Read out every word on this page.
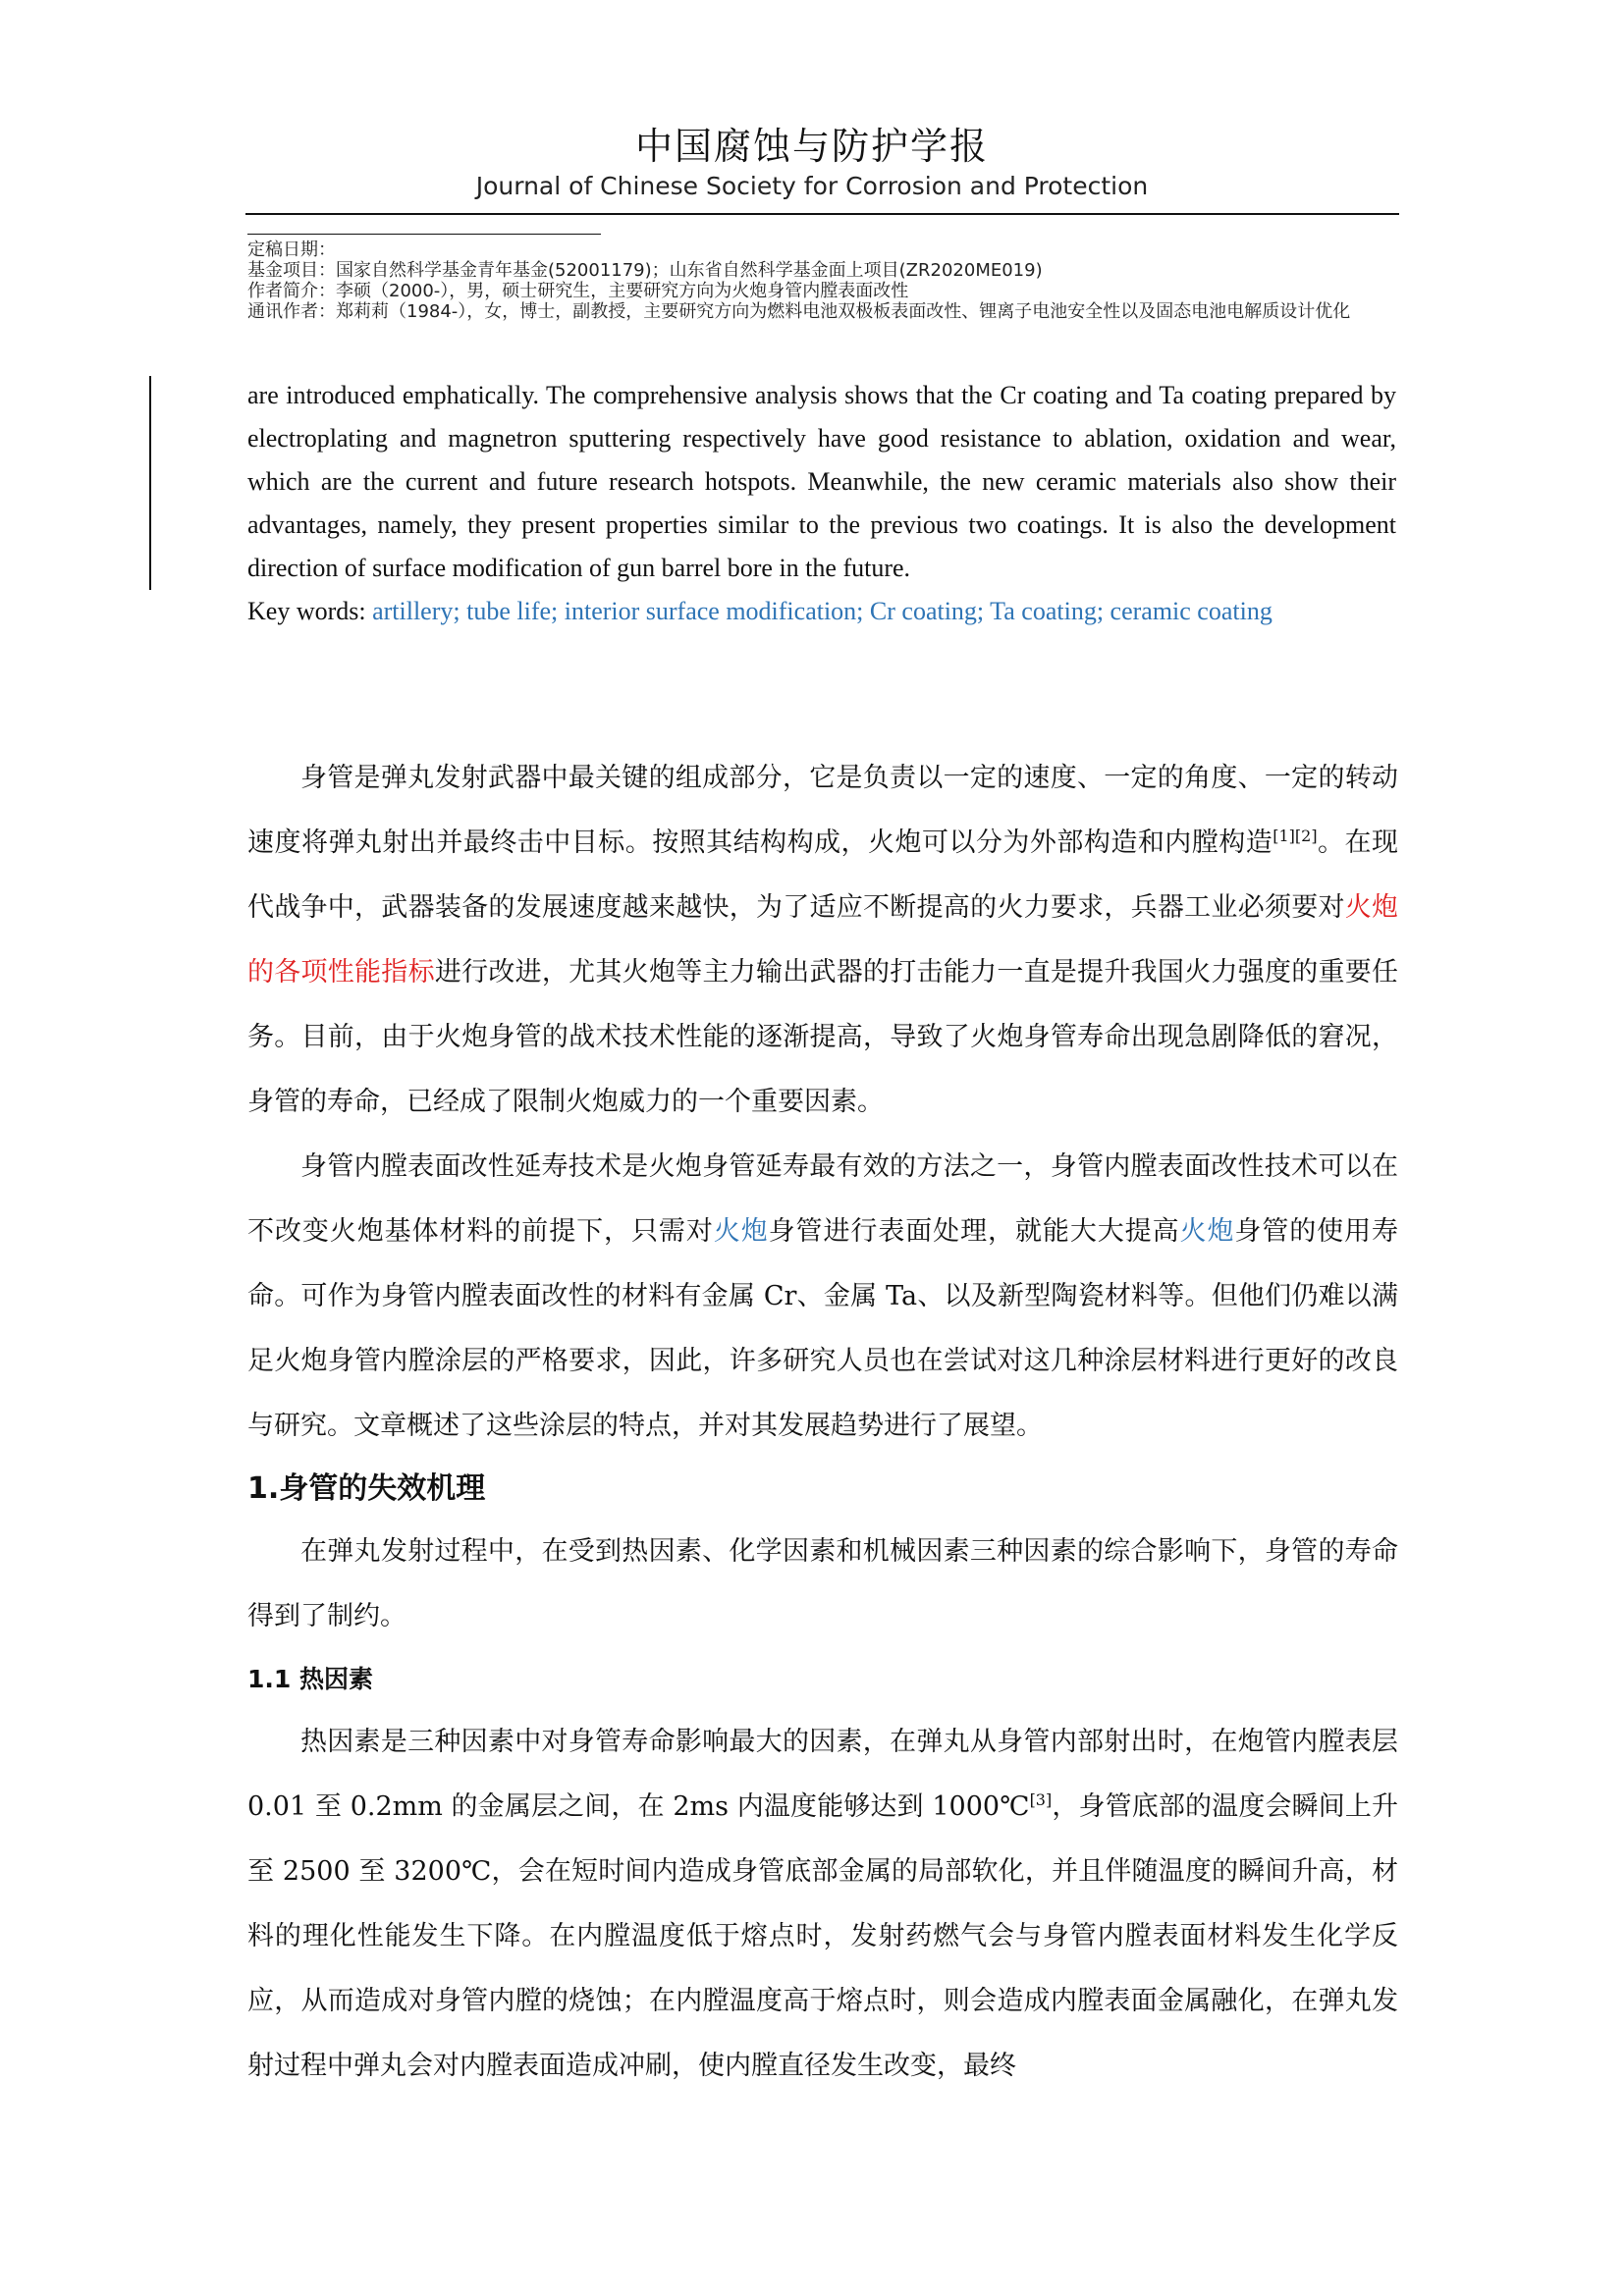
中国腐蚀与防护学报
Journal of Chinese Society for Corrosion and Protection
定稿日期：
基金项目：国家自然科学基金青年基金(52001179)；山东省自然科学基金面上项目(ZR2020ME019)
作者简介：李硕（2000-），男，硕士研究生，主要研究方向为火炮身管内膛表面改性
通讯作者：郑莉莉（1984-），女，博士，副教授，主要研究方向为燃料电池双极板表面改性、锂离子电池安全性以及固态电池电解质设计优化

are introduced emphatically. The comprehensive analysis shows that the Cr coating and Ta coating prepared by electroplating and magnetron sputtering respectively have good resistance to ablation, oxidation and wear, which are the current and future research hotspots. Meanwhile, the new ceramic materials also show their advantages, namely, they present properties similar to the previous two coatings. It is also the development direction of surface modification of gun barrel bore in the future.

Key words: artillery; tube life; interior surface modification; Cr coating; Ta coating; ceramic coating

身管是弹丸发射武器中最关键的组成部分，它是负责以一定的速度、一定的角度、一定的转动速度将弹丸射出并最终击中目标。按照其结构构成，火炮可以分为外部构造和内膛构造[1][2]。在现代战争中，武器装备的发展速度越来越快，为了适应不断提高的火力要求，兵器工业必须要对火炮的各项性能指标进行改进，尤其火炮等主力输出武器的打击能力一直是提升我国火力强度的重要任务。目前，由于火炮身管的战术技术性能的逐渐提高，导致了火炮身管寿命出现急剧降低的窘况，身管的寿命，已经成了限制火炮威力的一个重要因素。

身管内膛表面改性延寿技术是火炮身管延寿最有效的方法之一，身管内膛表面改性技术可以在不改变火炮基体材料的前提下，只需对火炮身管进行表面处理，就能大大提高火炮身管的使用寿命。可作为身管内膛表面改性的材料有金属 Cr、金属 Ta、以及新型陶瓷材料等。但他们仍难以满足火炮身管内膛涂层的严格要求，因此，许多研究人员也在尝试对这几种涂层材料进行更好的改良与研究。文章概述了这些涂层的特点，并对其发展趋势进行了展望。

1.身管的失效机理

在弹丸发射过程中，在受到热因素、化学因素和机械因素三种因素的综合影响下，身管的寿命得到了制约。

1.1 热因素

热因素是三种因素中对身管寿命影响最大的因素，在弹丸从身管内部射出时，在炮管内膛表层 0.01 至 0.2mm 的金属层之间，在 2ms 内温度能够达到 1000℃[3]，身管底部的温度会瞬间上升至 2500 至 3200℃，会在短时间内造成身管底部金属的局部软化，并且伴随温度的瞬间升高，材料的理化性能发生下降。在内膛温度低于熔点时，发射药燃气会与身管内膛表面材料发生化学反应，从而造成对身管内膛的烧蚀；在内膛温度高于熔点时，则会造成内膛表面金属融化，在弹丸发射过程中弹丸会对内膛表面造成冲刷，使内膛直径发生改变，最终
